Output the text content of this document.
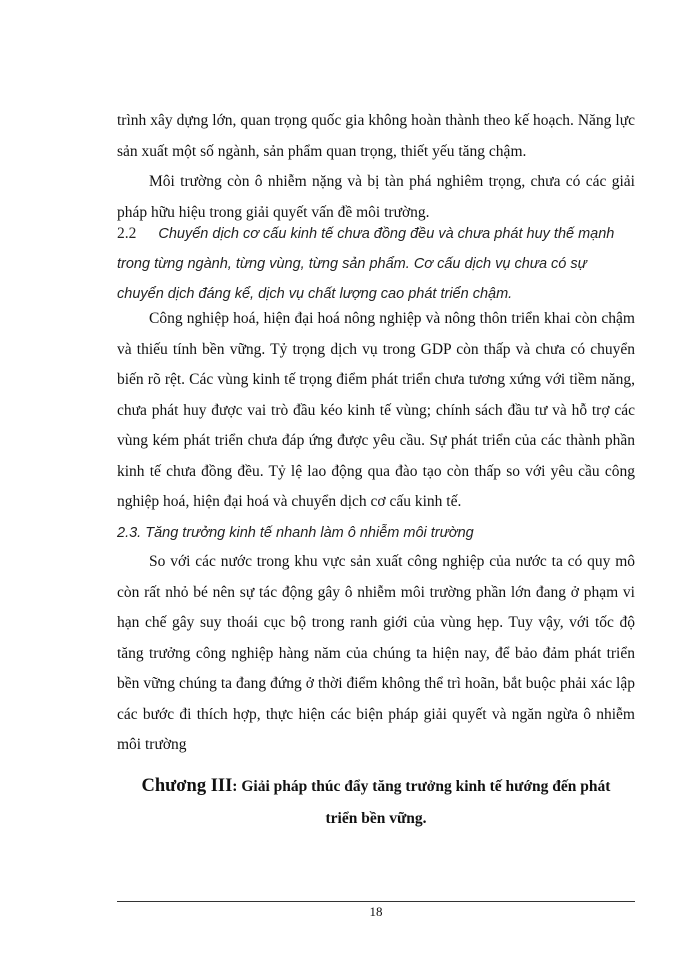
trình xây dựng lớn, quan trọng quốc gia không hoàn thành theo kế hoạch. Năng lực sản xuất một số ngành, sản phẩm quan trọng, thiết yếu tăng chậm.

Môi trường còn ô nhiễm nặng và bị tàn phá nghiêm trọng, chưa có các giải pháp hữu hiệu trong giải quyết vấn đề môi trường.

2.2 Chuyển dịch cơ cấu kinh tế chưa đồng đều và chưa phát huy thế mạnh trong từng ngành, từng vùng, từng sản phẩm. Cơ cấu dịch vụ chưa có sự chuyển dịch đáng kể, dịch vụ chất lượng cao phát triển chậm.

Công nghiệp hoá, hiện đại hoá nông nghiệp và nông thôn triển khai còn chậm và thiếu tính bền vững. Tỷ trọng dịch vụ trong GDP còn thấp và chưa có chuyển biến rõ rệt. Các vùng kinh tế trọng điểm phát triển chưa tương xứng với tiềm năng, chưa phát huy được vai trò đầu kéo kinh tế vùng; chính sách đầu tư và hỗ trợ các vùng kém phát triển chưa đáp ứng được yêu cầu. Sự phát triển của các thành phần kinh tế chưa đồng đều. Tỷ lệ lao động qua đào tạo còn thấp so với yêu cầu công nghiệp hoá, hiện đại hoá và chuyển dịch cơ cấu kinh tế.

2.3. Tăng trưởng kinh tế nhanh làm ô nhiễm môi trường

So với các nước trong khu vực sản xuất công nghiệp của nước ta có quy mô còn rất nhỏ bé nên sự tác động gây ô nhiễm môi trường phần lớn đang ở phạm vi hạn chế gây suy thoái cục bộ trong ranh giới của vùng hẹp. Tuy vậy, với tốc độ tăng trưởng công nghiệp hàng năm của chúng ta hiện nay, để bảo đảm phát triển bền vững chúng ta đang đứng ở thời điểm không thể trì hoãn, bắt buộc phải xác lập các bước đi thích hợp, thực hiện các biện pháp giải quyết và ngăn ngừa ô nhiễm môi trường

Chương III: Giải pháp thúc đẩy tăng trưởng kinh tế hướng đến phát
triển bền vững.
18
